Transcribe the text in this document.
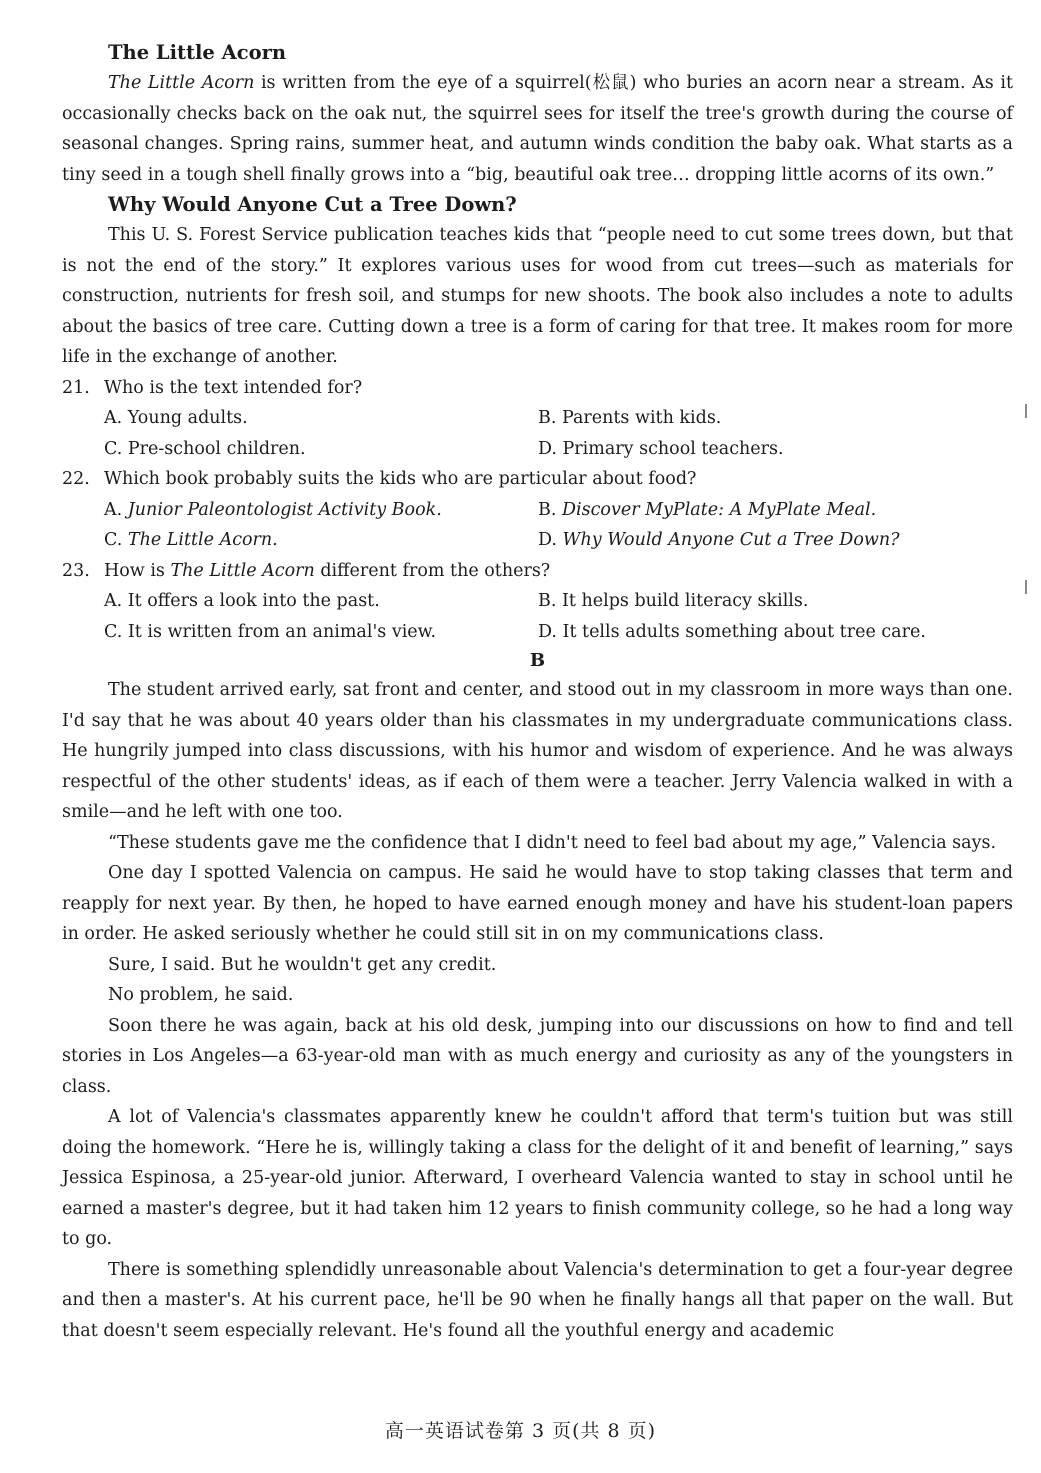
The Little Acorn

The Little Acorn is written from the eye of a squirrel(松鼠) who buries an acorn near a stream. As it occasionally checks back on the oak nut, the squirrel sees for itself the tree's growth during the course of seasonal changes. Spring rains, summer heat, and autumn winds condition the baby oak. What starts as a tiny seed in a tough shell finally grows into a “big, beautiful oak tree… dropping little acorns of its own.”

Why Would Anyone Cut a Tree Down?

This U. S. Forest Service publication teaches kids that “people need to cut some trees down, but that is not the end of the story.” It explores various uses for wood from cut trees—such as materials for construction, nutrients for fresh soil, and stumps for new shoots. The book also includes a note to adults about the basics of tree care. Cutting down a tree is a form of caring for that tree. It makes room for more life in the exchange of another.

21. Who is the text intended for?
A. Young adults.	B. Parents with kids.
C. Pre-school children.	D. Primary school teachers.
22. Which book probably suits the kids who are particular about food?
A. Junior Paleontologist Activity Book.	B. Discover MyPlate: A MyPlate Meal.
C. The Little Acorn.	D. Why Would Anyone Cut a Tree Down?
23. How is The Little Acorn different from the others?
A. It offers a look into the past.	B. It helps build literacy skills.
C. It is written from an animal's view.	D. It tells adults something about tree care.

B

The student arrived early, sat front and center, and stood out in my classroom in more ways than one. I'd say that he was about 40 years older than his classmates in my undergraduate communications class. He hungrily jumped into class discussions, with his humor and wisdom of experience. And he was always respectful of the other students' ideas, as if each of them were a teacher. Jerry Valencia walked in with a smile—and he left with one too.

“These students gave me the confidence that I didn't need to feel bad about my age,” Valencia says.

One day I spotted Valencia on campus. He said he would have to stop taking classes that term and reapply for next year. By then, he hoped to have earned enough money and have his student-loan papers in order. He asked seriously whether he could still sit in on my communications class.

Sure, I said. But he wouldn't get any credit.

No problem, he said.

Soon there he was again, back at his old desk, jumping into our discussions on how to find and tell stories in Los Angeles—a 63-year-old man with as much energy and curiosity as any of the youngsters in class.

A lot of Valencia's classmates apparently knew he couldn't afford that term's tuition but was still doing the homework. “Here he is, willingly taking a class for the delight of it and benefit of learning,” says Jessica Espinosa, a 25-year-old junior. Afterward, I overheard Valencia wanted to stay in school until he earned a master's degree, but it had taken him 12 years to finish community college, so he had a long way to go.

There is something splendidly unreasonable about Valencia's determination to get a four-year degree and then a master's. At his current pace, he'll be 90 when he finally hangs all that paper on the wall. But that doesn't seem especially relevant. He's found all the youthful energy and academic

高一英语试卷第 3 页(共 8 页)
